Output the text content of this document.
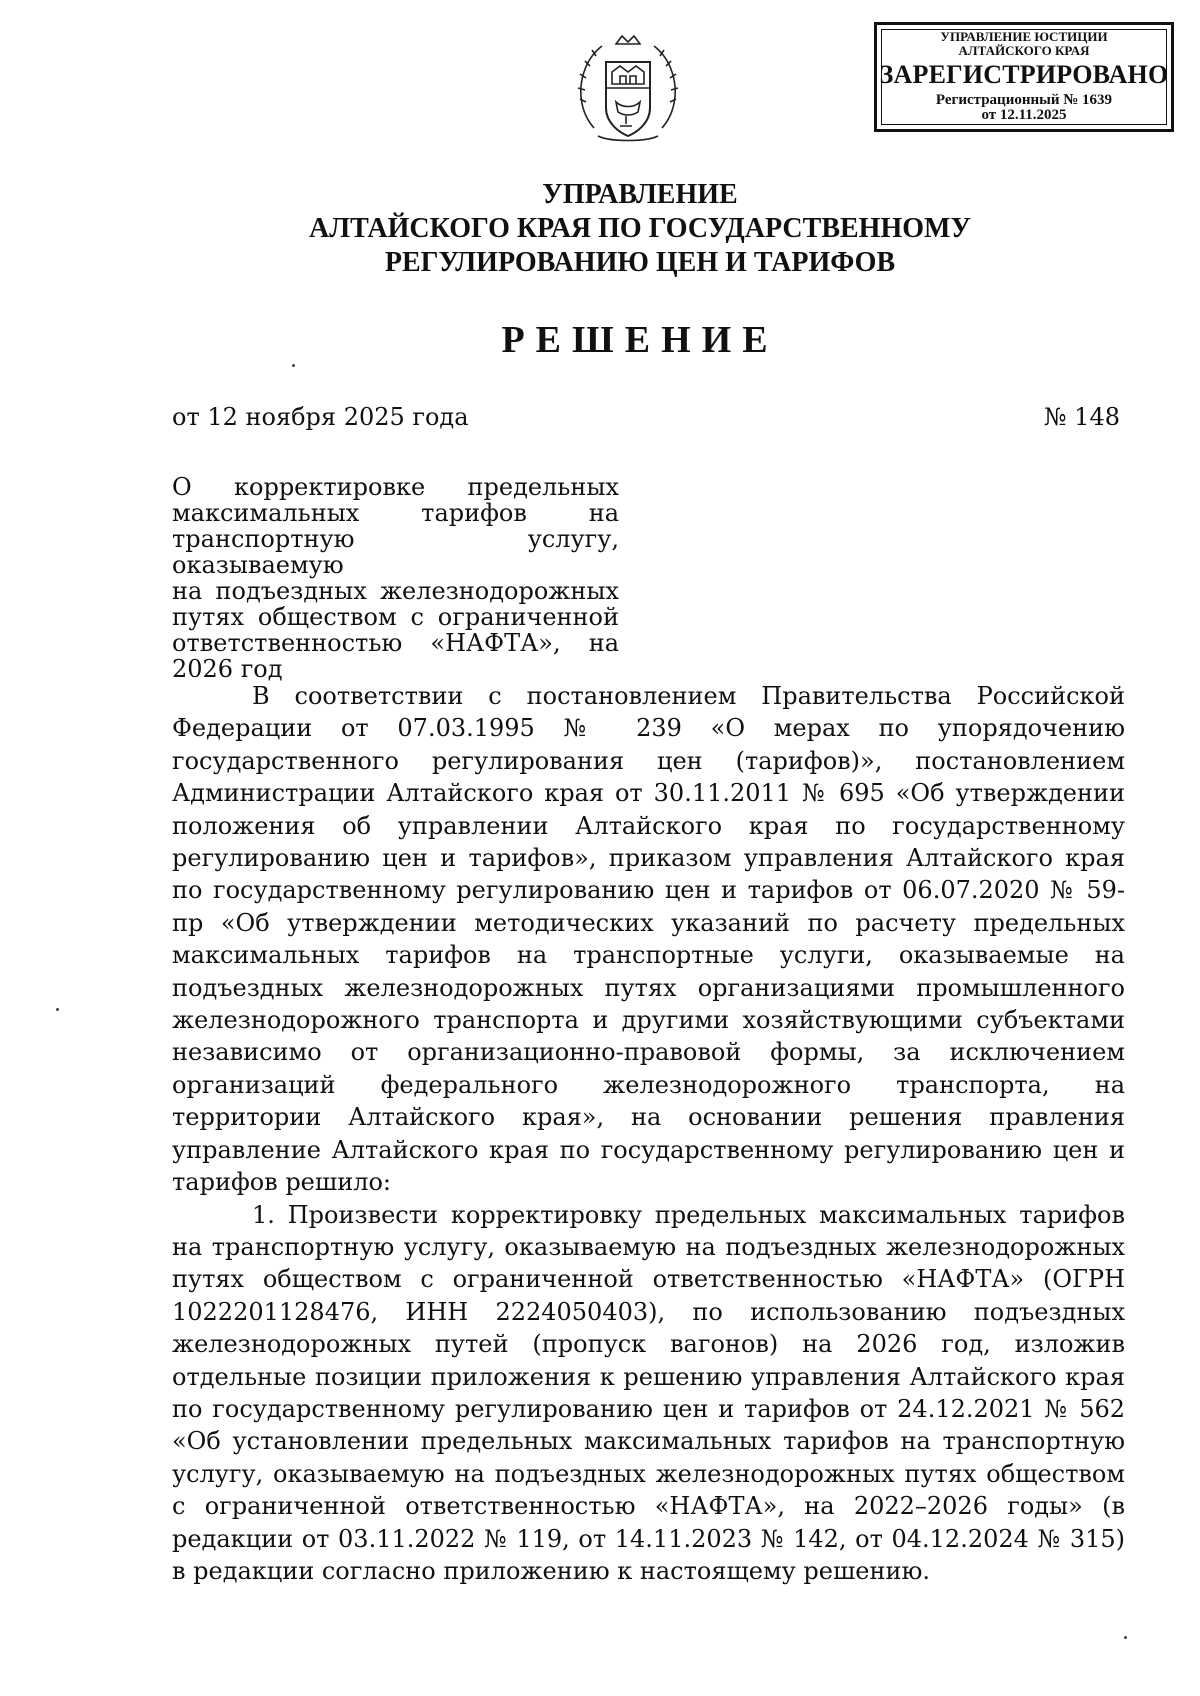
УПРАВЛЕНИЕ ЮСТИЦИИ
АЛТАЙСКОГО КРАЯ
ЗАРЕГИСТРИРОВАНО
Регистрационный № 1639
от 12.11.2025
УПРАВЛЕНИЕ
АЛТАЙСКОГО КРАЯ ПО ГОСУДАРСТВЕННОМУ
РЕГУЛИРОВАНИЮ ЦЕН И ТАРИФОВ
РЕШЕНИЕ
от 12 ноября 2025 года	№ 148
О корректировке предельных
максимальных тарифов на
транспортную услугу, оказываемую
на подъездных железнодорожных
путях обществом с ограниченной
ответственностью «НАФТА», на
2026 год

В соответствии с постановлением Правительства Российской Федерации от 07.03.1995 № 239 «О мерах по упорядочению государственного регулирования цен (тарифов)», постановлением Администрации Алтайского края от 30.11.2011 № 695 «Об утверждении положения об управлении Алтайского края по государственному регулированию цен и тарифов», приказом управления Алтайского края по государственному регулированию цен и тарифов от 06.07.2020 № 59-пр «Об утверждении методических указаний по расчету предельных максимальных тарифов на транспортные услуги, оказываемые на подъездных железнодорожных путях организациями промышленного железнодорожного транспорта и другими хозяйствующими субъектами независимо от организационно-правовой формы, за исключением организаций федерального железнодорожного транспорта, на территории Алтайского края», на основании решения правления управление Алтайского края по государственному регулированию цен и тарифов решило:

1. Произвести корректировку предельных максимальных тарифов на транспортную услугу, оказываемую на подъездных железнодорожных путях обществом с ограниченной ответственностью «НАФТА» (ОГРН 1022201128476, ИНН 2224050403), по использованию подъездных железнодорожных путей (пропуск вагонов) на 2026 год, изложив отдельные позиции приложения к решению управления Алтайского края по государственному регулированию цен и тарифов от 24.12.2021 № 562 «Об установлении предельных максимальных тарифов на транспортную услугу, оказываемую на подъездных железнодорожных путях обществом с ограниченной ответственностью «НАФТА», на 2022–2026 годы» (в редакции от 03.11.2022 № 119, от 14.11.2023 № 142, от 04.12.2024 № 315) в редакции согласно приложению к настоящему решению.
